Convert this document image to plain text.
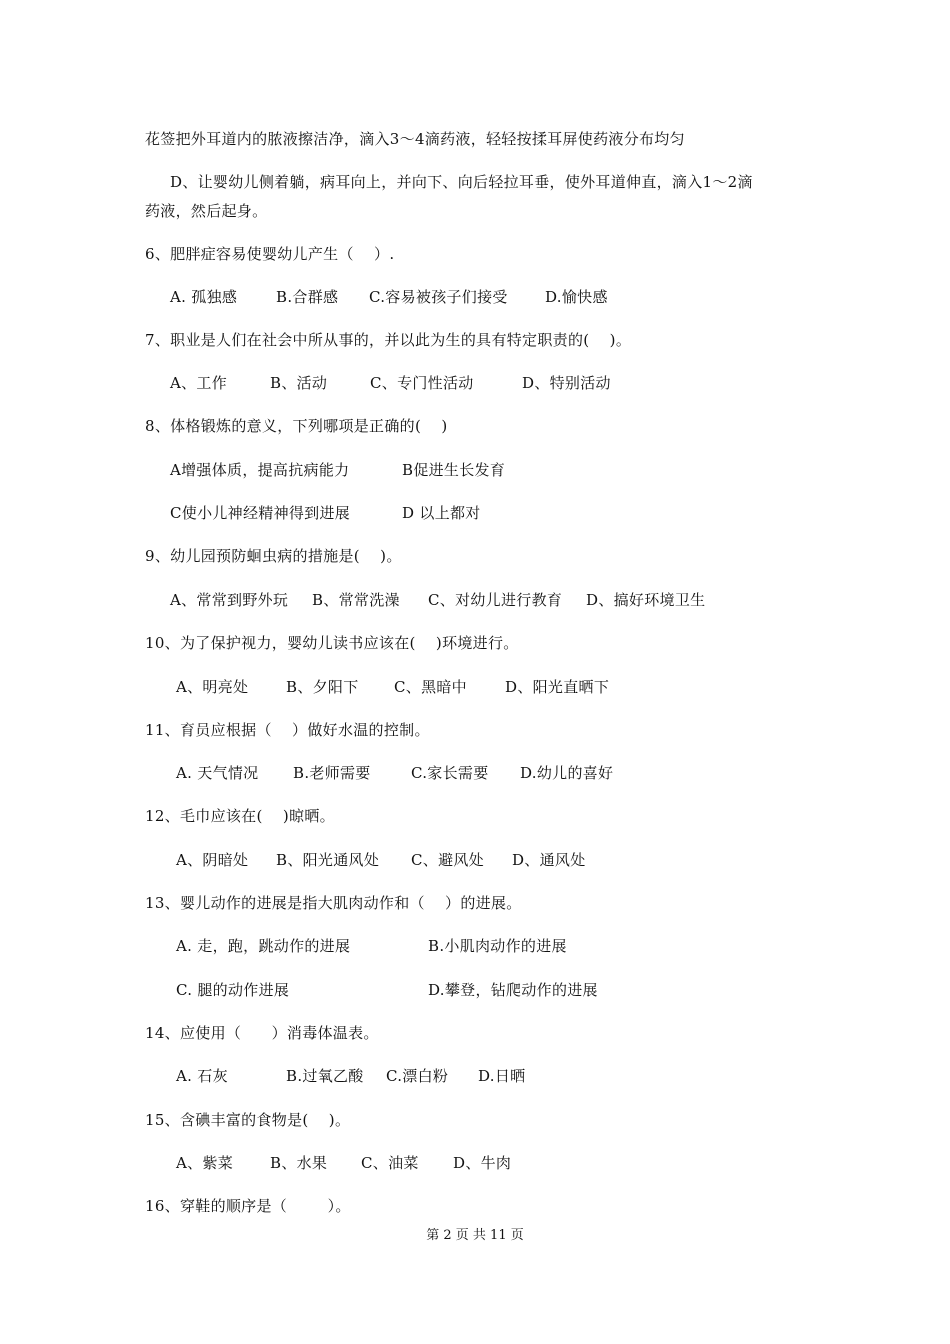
花签把外耳道内的脓液擦洁净，滴入3～4滴药液，轻轻按揉耳屏使药液分布均匀
D、让婴幼儿侧着躺，病耳向上，并向下、向后轻拉耳垂，使外耳道伸直，滴入1～2滴
药液，然后起身。
6、肥胖症容易使婴幼儿产生（    ）.
A. 孤独感	B.合群感 C.容易被孩子们接受 D.愉快感
7、职业是人们在社会中所从事的，并以此为生的具有特定职责的(    )。
A、工作	B、活动	C、专门性活动	D、特别活动
8、体格锻炼的意义，下列哪项是正确的(    )
A增强体质，提高抗病能力	B促进生长发育
C使小儿神经精神得到进展	D 以上都对
9、幼儿园预防蛔虫病的措施是(    )。
A、常常到野外玩 B、常常洗澡 C、对幼儿进行教育 D、搞好环境卫生
10、为了保护视力，婴幼儿读书应该在(    )环境进行。
A、明亮处	B、夕阳下 C、黑暗中	D、阳光直晒下
11、育员应根据（    ）做好水温的控制。
A. 天气情况 B.老师需要	C.家长需要 D.幼儿的喜好
12、毛巾应该在(    )晾晒。
A、阴暗处 B、阳光通风处 C、避风处 D、通风处
13、婴儿动作的进展是指大肌肉动作和（    ）的进展。
A. 走，跑，跳动作的进展	B.小肌肉动作的进展
C. 腿的动作进展	D.攀登，钻爬动作的进展
14、应使用（      ）消毒体温表。
A. 石灰	B.过氧乙酸 C.漂白粉 D.日晒
15、含碘丰富的食物是(    )。
A、紫菜 B、水果 C、油菜 D、牛肉
16、穿鞋的顺序是（        ）。
第 2 页 共 11 页
